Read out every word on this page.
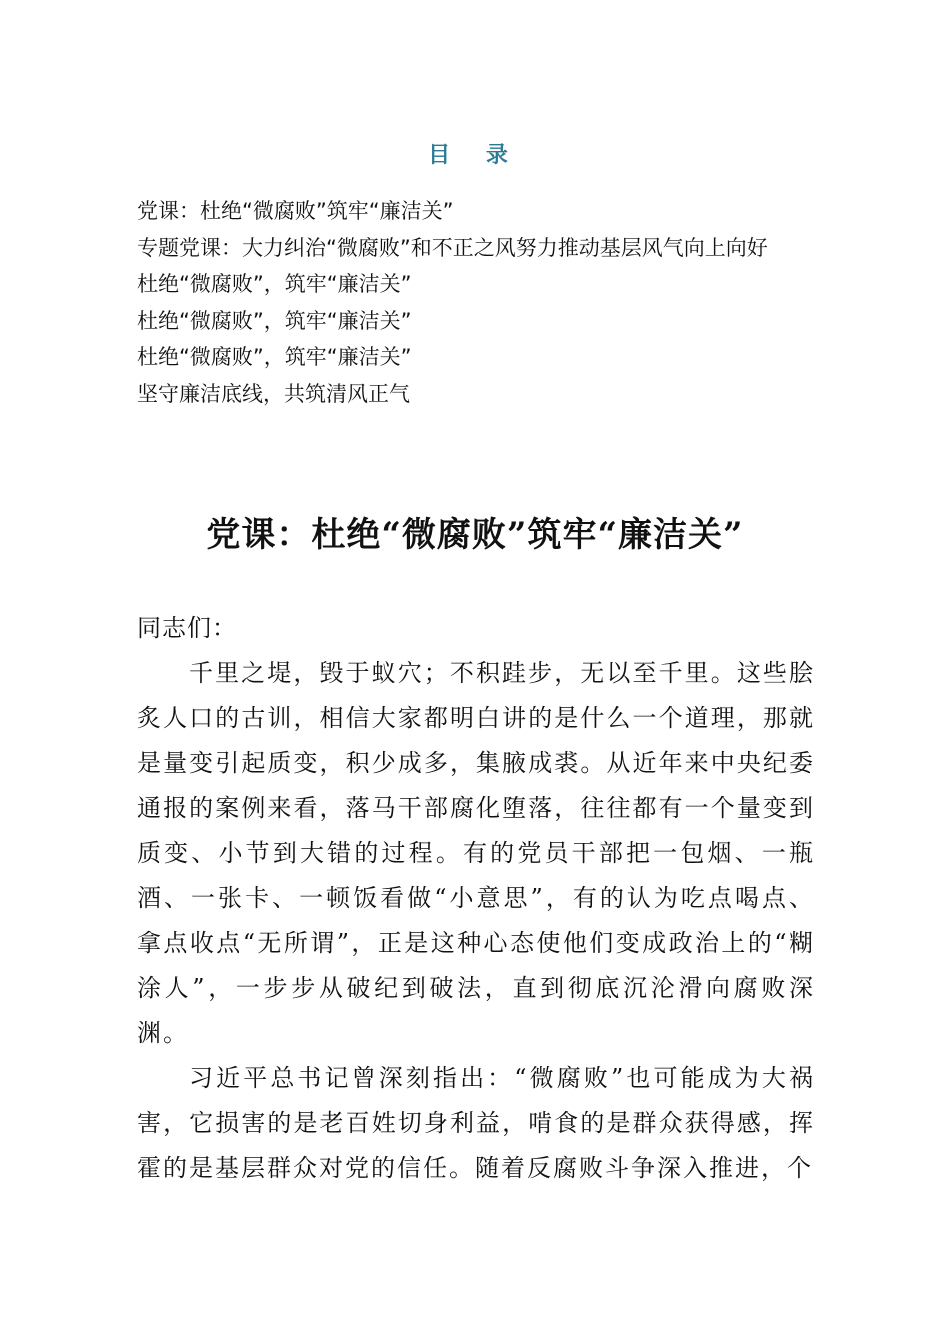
目 录
党课：杜绝“微腐败”筑牢“廉洁关”
专题党课：大力纠治“微腐败”和不正之风努力推动基层风气向上向好
杜绝“微腐败”，筑牢“廉洁关”
杜绝“微腐败”，筑牢“廉洁关”
杜绝“微腐败”，筑牢“廉洁关”
坚守廉洁底线，共筑清风正气
党课：杜绝“微腐败”筑牢“廉洁关”

同志们：

千里之堤，毁于蚁穴；不积跬步，无以至千里。这些脍炙人口的古训，相信大家都明白讲的是什么一个道理，那就是量变引起质变，积少成多，集腋成裘。从近年来中央纪委通报的案例来看，落马干部腐化堕落，往往都有一个量变到质变、小节到大错的过程。有的党员干部把一包烟、一瓶酒、一张卡、一顿饭看做“小意思”，有的认为吃点喝点、拿点收点“无所谓”，正是这种心态使他们变成政治上的“糊涂人”，一步步从破纪到破法，直到彻底沉沦滑向腐败深渊。

习近平总书记曾深刻指出：“微腐败”也可能成为大祸害，它损害的是老百姓切身利益，啃食的是群众获得感，挥霍的是基层群众对党的信任。随着反腐败斗争深入推进，个
